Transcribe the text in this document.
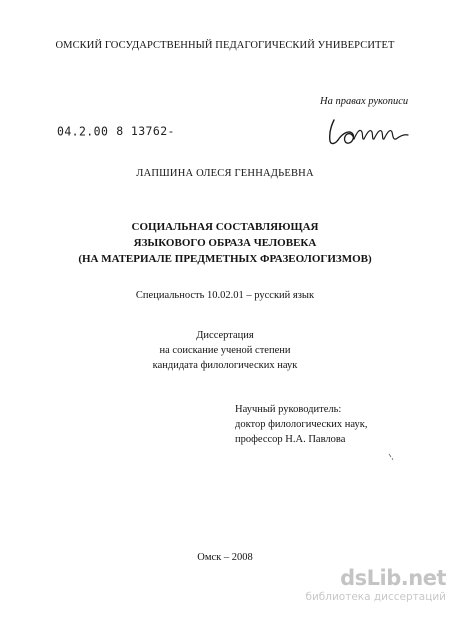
ОМСКИЙ ГОСУДАРСТВЕННЫЙ ПЕДАГОГИЧЕСКИЙ УНИВЕРСИТЕТ
На правах рукописи
04.2.00 8 13762-
ЛАПШИНА ОЛЕСЯ ГЕННАДЬЕВНА
СОЦИАЛЬНАЯ СОСТАВЛЯЮЩАЯ
ЯЗЫКОВОГО ОБРАЗА ЧЕЛОВЕКА
(НА МАТЕРИАЛЕ ПРЕДМЕТНЫХ ФРАЗЕОЛОГИЗМОВ)
Специальность 10.02.01 – русский язык
Диссертация
на соискание ученой степени
кандидата филологических наук
Научный руководитель:
доктор филологических наук,
профессор Н.А. Павлова
Омск – 2008
dsLib.net
библиотека диссертаций
